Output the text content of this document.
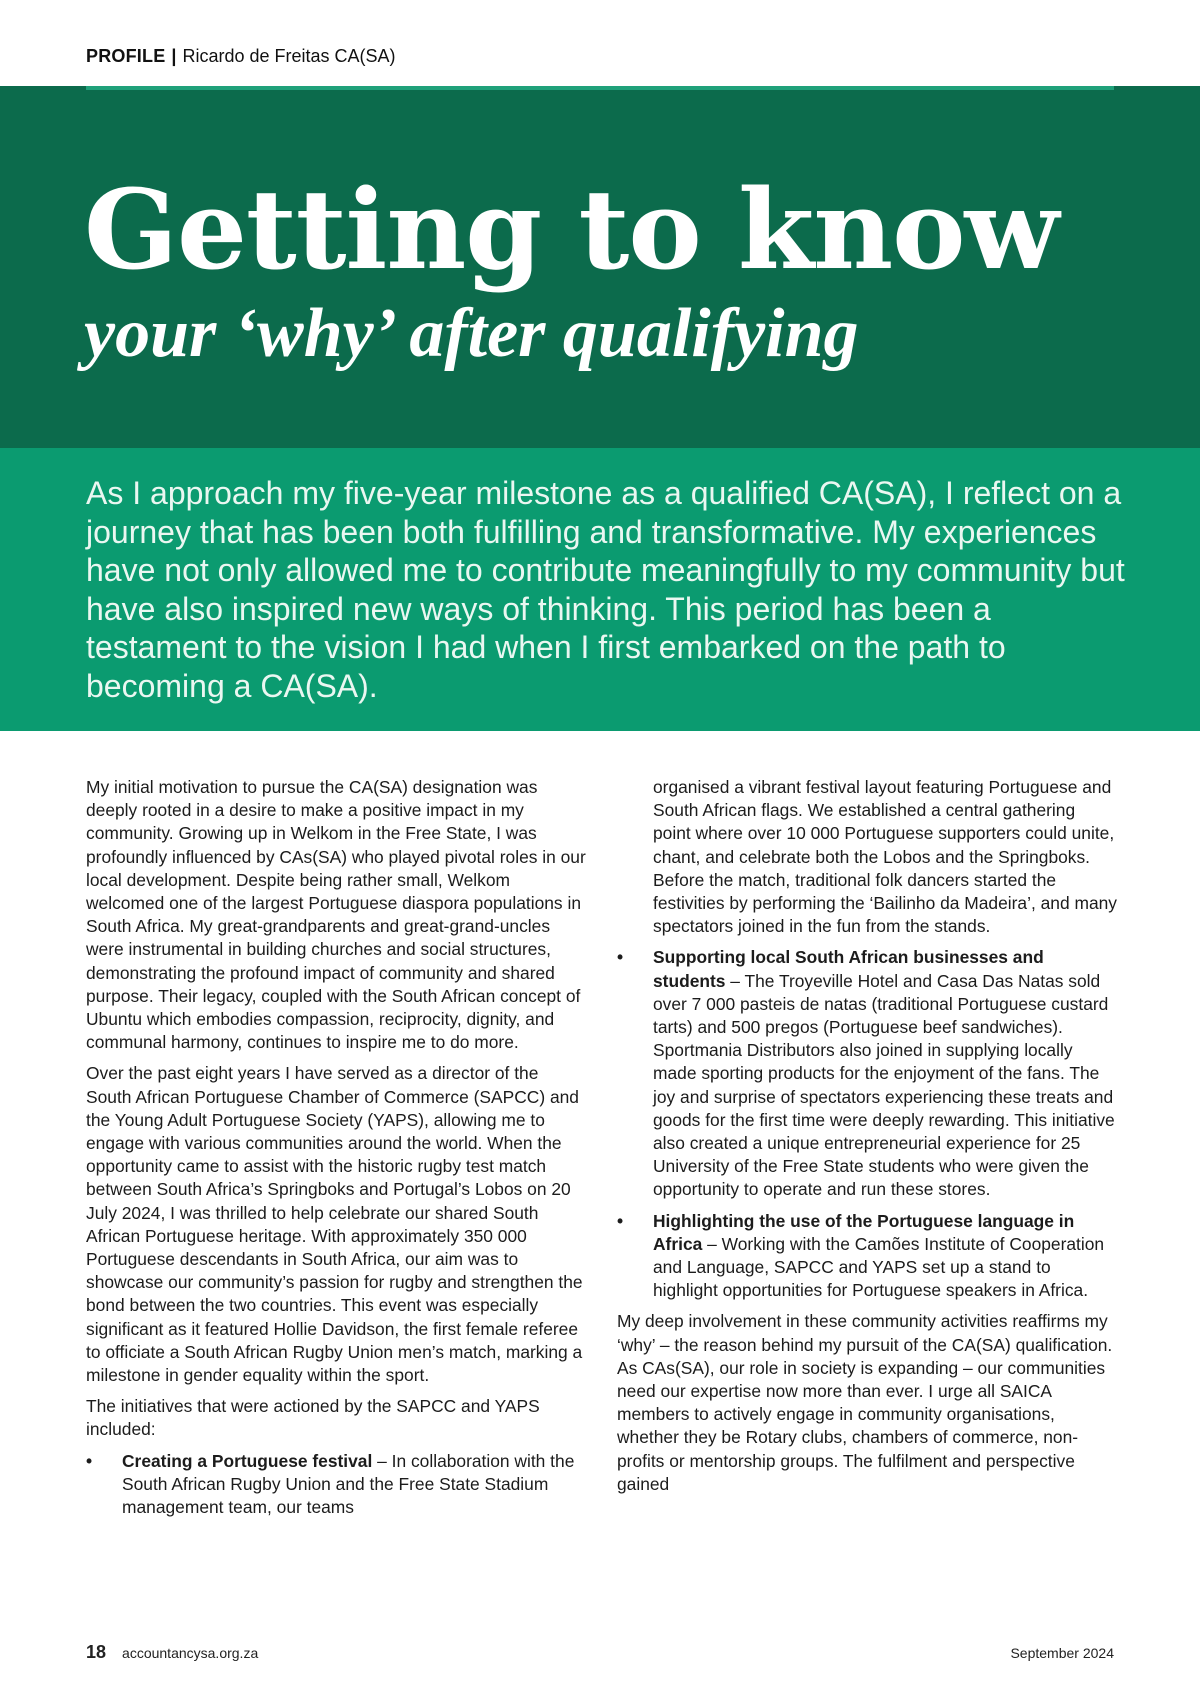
PROFILE | Ricardo de Freitas CA(SA)
Getting to know
your ‘why’ after qualifying

As I approach my five-year milestone as a qualified CA(SA), I reflect on a journey that has been both fulfilling and transformative. My experiences have not only allowed me to contribute meaningfully to my community but have also inspired new ways of thinking. This period has been a testament to the vision I had when I first embarked on the path to becoming a CA(SA).

My initial motivation to pursue the CA(SA) designation was deeply rooted in a desire to make a positive impact in my community. Growing up in Welkom in the Free State, I was profoundly influenced by CAs(SA) who played pivotal roles in our local development. Despite being rather small, Welkom welcomed one of the largest Portuguese diaspora populations in South Africa. My great-grandparents and great-grand-uncles were instrumental in building churches and social structures, demonstrating the profound impact of community and shared purpose. Their legacy, coupled with the South African concept of Ubuntu which embodies compassion, reciprocity, dignity, and communal harmony, continues to inspire me to do more.

Over the past eight years I have served as a director of the South African Portuguese Chamber of Commerce (SAPCC) and the Young Adult Portuguese Society (YAPS), allowing me to engage with various communities around the world. When the opportunity came to assist with the historic rugby test match between South Africa’s Springboks and Portugal’s Lobos on 20 July 2024, I was thrilled to help celebrate our shared South African Portuguese heritage. With approximately 350 000 Portuguese descendants in South Africa, our aim was to showcase our community’s passion for rugby and strengthen the bond between the two countries. This event was especially significant as it featured Hollie Davidson, the first female referee to officiate a South African Rugby Union men’s match, marking a milestone in gender equality within the sport.

The initiatives that were actioned by the SAPCC and YAPS included:

• Creating a Portuguese festival – In collaboration with the South African Rugby Union and the Free State Stadium management team, our teams

organised a vibrant festival layout featuring Portuguese and South African flags. We established a central gathering point where over 10 000 Portuguese supporters could unite, chant, and celebrate both the Lobos and the Springboks. Before the match, traditional folk dancers started the festivities by performing the ‘Bailinho da Madeira’, and many spectators joined in the fun from the stands.

• Supporting local South African businesses and students – The Troyeville Hotel and Casa Das Natas sold over 7 000 pasteis de natas (traditional Portuguese custard tarts) and 500 pregos (Portuguese beef sandwiches). Sportmania Distributors also joined in supplying locally made sporting products for the enjoyment of the fans. The joy and surprise of spectators experiencing these treats and goods for the first time were deeply rewarding. This initiative also created a unique entrepreneurial experience for 25 University of the Free State students who were given the opportunity to operate and run these stores.
• Highlighting the use of the Portuguese language in Africa – Working with the Camões Institute of Cooperation and Language, SAPCC and YAPS set up a stand to highlight opportunities for Portuguese speakers in Africa.

My deep involvement in these community activities reaffirms my ‘why’ – the reason behind my pursuit of the CA(SA) qualification. As CAs(SA), our role in society is expanding – our communities need our expertise now more than ever. I urge all SAICA members to actively engage in community organisations, whether they be Rotary clubs, chambers of commerce, non-profits or mentorship groups. The fulfilment and perspective gained

18 accountancysa.org.za	September 2024
